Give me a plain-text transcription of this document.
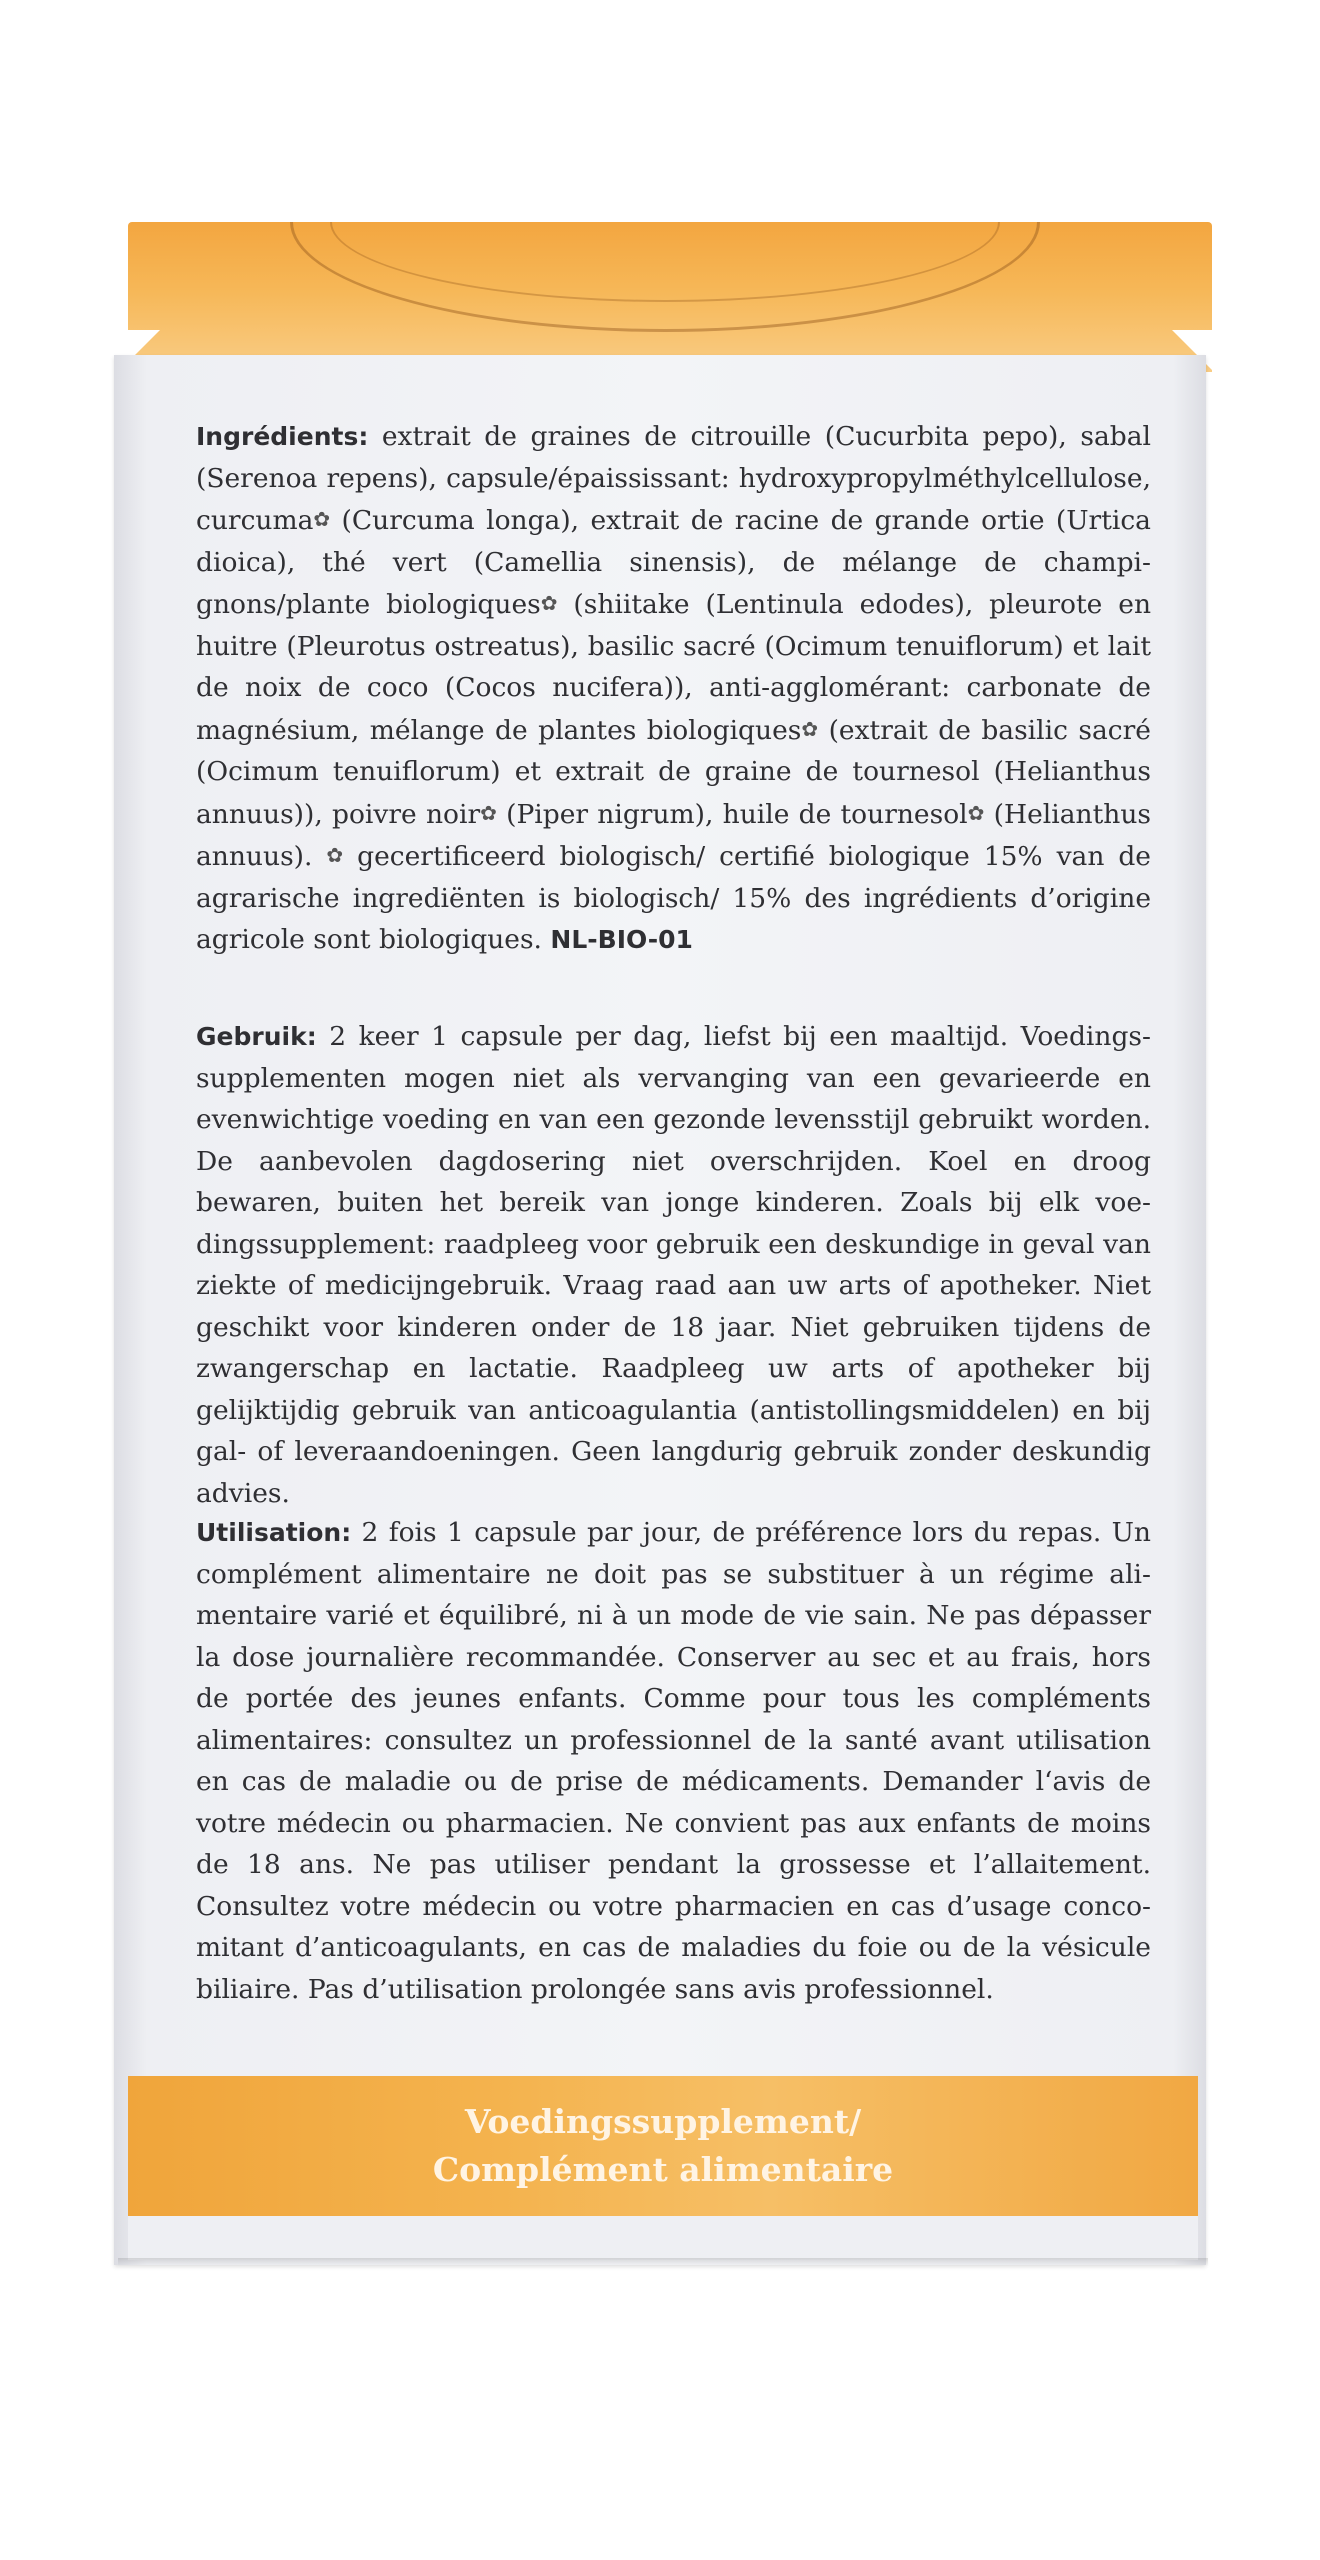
Ingrédients: extrait de graines de citrouille (Cucurbita pepo), sabal (Serenoa repens), capsule/épaississant: hydroxypropylméthylcellulose, curcuma✿ (Curcuma longa), extrait de racine de grande ortie (Urtica dioica), thé vert (Camellia sinensis), de mélange de champignons/plante biologiques✿ (shiitake (Lentinula edodes), pleurote en huitre (Pleurotus ostreatus), basilic sacré (Ocimum tenuiflorum) et lait de noix de coco (Cocos nucifera)), anti-agglomérant: carbonate de magnésium, mélange de plantes biologiques✿ (extrait de basilic sacré (Ocimum tenuiflorum) et extrait de graine de tournesol (Helianthus annuus)), poivre noir✿ (Piper nigrum), huile de tournesol✿ (Helianthus annuus). ✿ gecertificeerd biologisch/ certifié biologique 15% van de agrarische ingrediënten is biologisch/ 15% des ingrédients d’origine agricole sont biologiques. NL-BIO-01
Gebruik: 2 keer 1 capsule per dag, liefst bij een maaltijd. Voedingssupplementen mogen niet als vervanging van een gevarieerde en evenwichtige voeding en van een gezonde levensstijl gebruikt worden. De aanbevolen dagdosering niet overschrijden. Koel en droog bewaren, buiten het bereik van jonge kinderen. Zoals bij elk voedingssupplement: raadpleeg voor gebruik een deskundige in geval van ziekte of medicijngebruik. Vraag raad aan uw arts of apotheker. Niet geschikt voor kinderen onder de 18 jaar. Niet gebruiken tijdens de zwangerschap en lactatie. Raadpleeg uw arts of apotheker bij gelijktijdig gebruik van anticoagulantia (antistollingsmiddelen) en bij gal- of leveraandoeningen. Geen langdurig gebruik zonder deskundig advies.
Utilisation: 2 fois 1 capsule par jour, de préférence lors du repas. Un complément alimentaire ne doit pas se substituer à un régime alimentaire varié et équilibré, ni à un mode de vie sain. Ne pas dépasser la dose journalière recommandée. Conserver au sec et au frais, hors de portée des jeunes enfants. Comme pour tous les compléments alimentaires: consultez un professionnel de la santé avant utilisation en cas de maladie ou de prise de médicaments. Demander l‘avis de votre médecin ou pharmacien. Ne convient pas aux enfants de moins de 18 ans. Ne pas utiliser pendant la grossesse et l’allaitement. Consultez votre médecin ou votre pharmacien en cas d’usage concomitant d’anticoagulants, en cas de maladies du foie ou de la vésicule biliaire. Pas d’utilisation prolongée sans avis professionnel.
Voedingssupplement/
Complément alimentaire
